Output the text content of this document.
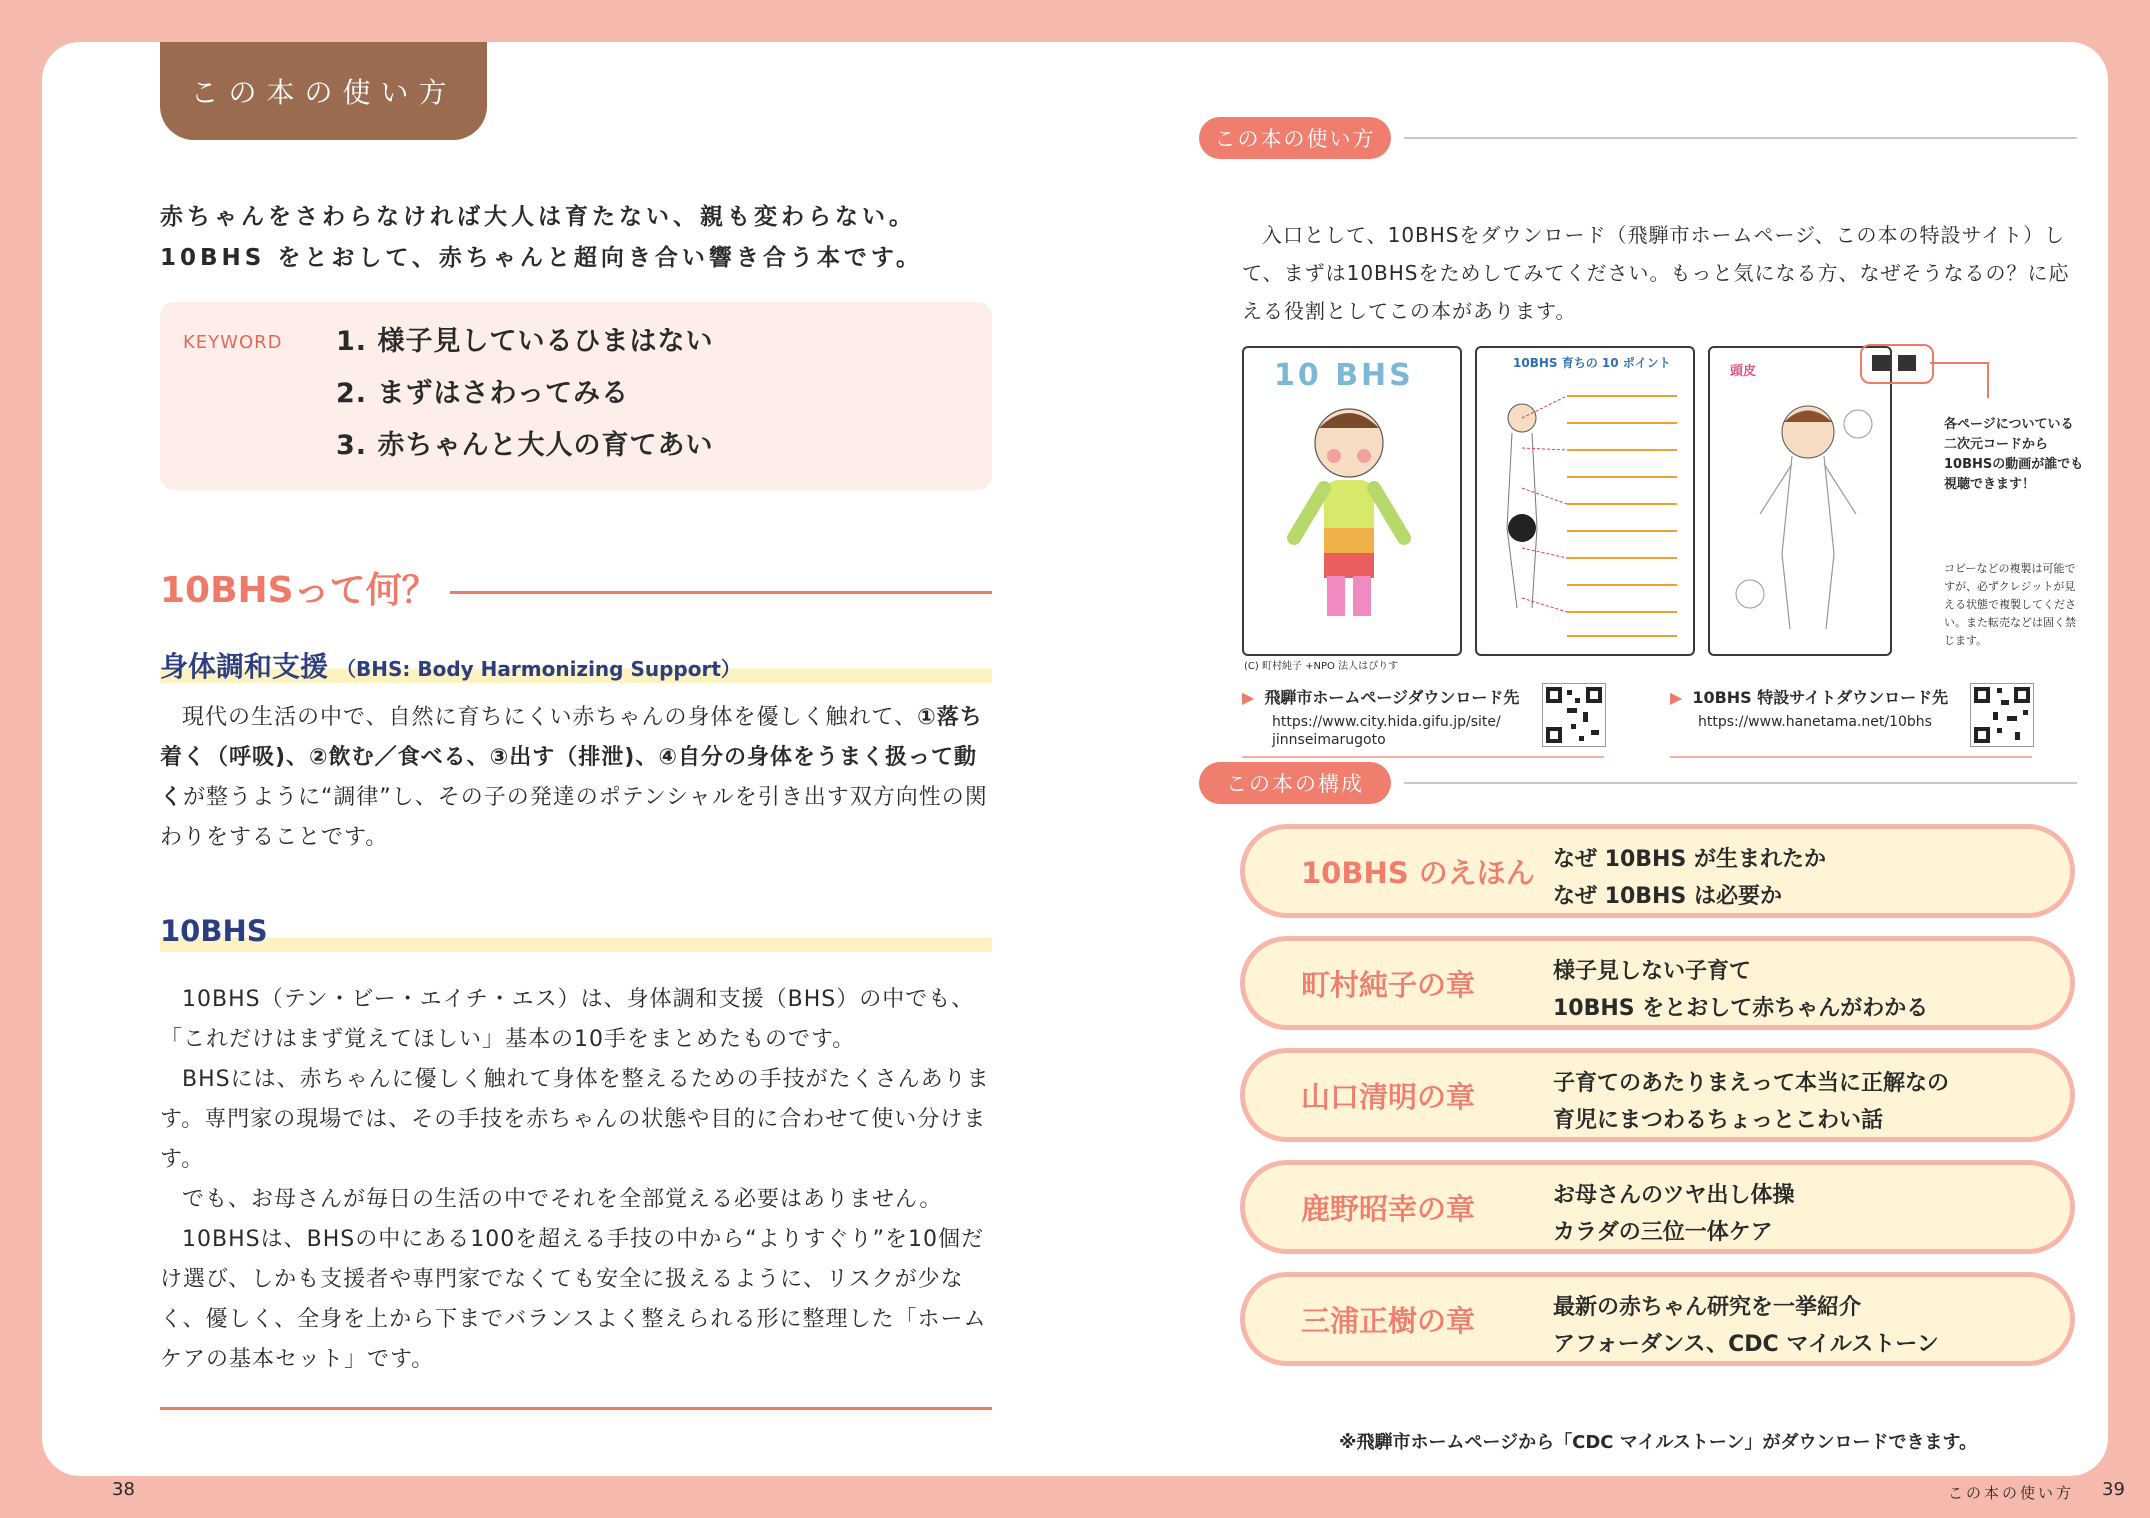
この本の使い方
赤ちゃんをさわらなければ大人は育たない、親も変わらない。
10BHS をとおして、赤ちゃんと超向き合い響き合う本です。
KEYWORD 1. 様子見しているひまはない
2. まずはさわってみる
3. 赤ちゃんと大人の育てあい
10BHSって何？
身体調和支援 （BHS: Body Harmonizing Support）
現代の生活の中で、自然に育ちにくい赤ちゃんの身体を優しく触れて、①落ち着く（呼吸)、②飲む／食べる、③出す（排泄)、④自分の身体をうまく扱って動くが整うように“調律”し、その子の発達のポテンシャルを引き出す双方向性の関わりをすることです。
10BHS

10BHS（テン・ビー・エイチ・エス）は、身体調和支援（BHS）の中でも、「これだけはまず覚えてほしい」基本の10手をまとめたものです。

BHSには、赤ちゃんに優しく触れて身体を整えるための手技がたくさんあります。専門家の現場では、その手技を赤ちゃんの状態や目的に合わせて使い分けます。

でも、お母さんが毎日の生活の中でそれを全部覚える必要はありません。

10BHSは、BHSの中にある100を超える手技の中から“よりすぐり”を10個だけ選び、しかも支援者や専門家でなくても安全に扱えるように、リスクが少なく、優しく、全身を上から下までバランスよく整えられる形に整理した「ホームケアの基本セット」です。

38
この本の使い方

入口として、10BHSをダウンロード（飛騨市ホームページ、この本の特設サイト）して、まずは10BHSをためしてみてください。もっと気になる方、なぜそうなるの？に応える役割としてこの本があります。

10 BHS	10BHS 育ちの 10 ポイント
頭皮
各ページについている二次元コードから10BHSの動画が誰でも視聴できます！
コピーなどの複製は可能ですが、必ずクレジットが見える状態で複製してください。また転売などは固く禁じます。
(C) 町村純子 +NPO 法人はぴりす
▶ 飛騨市ホームページダウンロード先
https://www.city.hida.gifu.jp/site/
jinnseimarugoto
▶ 10BHS 特設サイトダウンロード先
https://www.hanetama.net/10bhs
この本の構成
10BHS のえほん なぜ 10BHS が生まれたか
なぜ 10BHS は必要か
町村純子の章	様子見しない子育て
10BHS をとおして赤ちゃんがわかる
山口清明の章	子育てのあたりまえって本当に正解なの
育児にまつわるちょっとこわい話
鹿野昭幸の章	お母さんのツヤ出し体操
カラダの三位一体ケア
三浦正樹の章	最新の赤ちゃん研究を一挙紹介
アフォーダンス、CDC マイルストーン
※飛騨市ホームページから「CDC マイルストーン」がダウンロードできます。
この本の使い方 39
